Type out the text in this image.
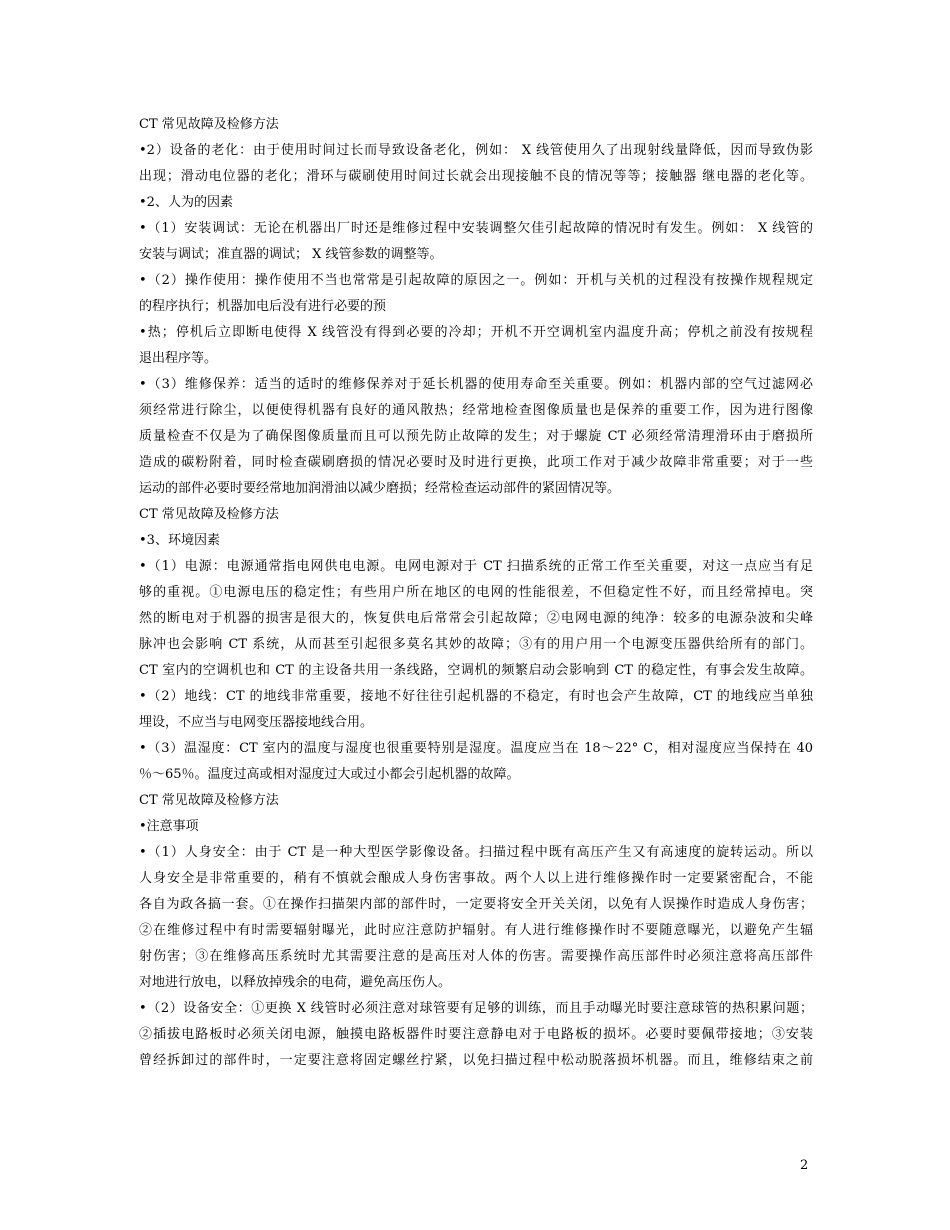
CT 常见故障及检修方法
•2）设备的老化：由于使用时间过长而导致设备老化，例如： X 线管使用久了出现射线量降低，因而导致伪影
出现；滑动电位器的老化；滑环与碳刷使用时间过长就会出现接触不良的情况等等；接触器 继电器的老化等。
•2、人为的因素
•（1）安装调试：无论在机器出厂时还是维修过程中安装调整欠佳引起故障的情况时有发生。例如： X 线管的
安装与调试；准直器的调试； X 线管参数的调整等。
•（2）操作使用：操作使用不当也常常是引起故障的原因之一。例如：开机与关机的过程没有按操作规程规定
的程序执行；机器加电后没有进行必要的预
•热；停机后立即断电使得 X 线管没有得到必要的冷却；开机不开空调机室内温度升高；停机之前没有按规程
退出程序等。
•（3）维修保养：适当的适时的维修保养对于延长机器的使用寿命至关重要。例如：机器内部的空气过滤网必
须经常进行除尘，以便使得机器有良好的通风散热；经常地检查图像质量也是保养的重要工作，因为进行图像
质量检查不仅是为了确保图像质量而且可以预先防止故障的发生；对于螺旋 CT 必须经常清理滑环由于磨损所
造成的碳粉附着，同时检查碳刷磨损的情况必要时及时进行更换，此项工作对于减少故障非常重要；对于一些
运动的部件必要时要经常地加润滑油以减少磨损；经常检查运动部件的紧固情况等。
CT 常见故障及检修方法
•3、环境因素
•（1）电源：电源通常指电网供电电源。电网电源对于 CT 扫描系统的正常工作至关重要，对这一点应当有足
够的重视。①电源电压的稳定性；有些用户所在地区的电网的性能很差，不但稳定性不好，而且经常掉电。突
然的断电对于机器的损害是很大的，恢复供电后常常会引起故障；②电网电源的纯净：较多的电源杂波和尖峰
脉冲也会影响 CT 系统，从而甚至引起很多莫名其妙的故障；③有的用户用一个电源变压器供给所有的部门。
CT 室内的空调机也和 CT 的主设备共用一条线路，空调机的频繁启动会影响到 CT 的稳定性，有事会发生故障。
•（2）地线：CT 的地线非常重要，接地不好往往引起机器的不稳定，有时也会产生故障，CT 的地线应当单独
埋设，不应当与电网变压器接地线合用。
•（3）温湿度：CT 室内的温度与湿度也很重要特别是湿度。温度应当在 18～22° C，相对湿度应当保持在 40
％～65％。温度过高或相对湿度过大或过小都会引起机器的故障。
CT 常见故障及检修方法
•注意事项
•（1）人身安全：由于 CT 是一种大型医学影像设备。扫描过程中既有高压产生又有高速度的旋转运动。所以
人身安全是非常重要的，稍有不慎就会酿成人身伤害事故。两个人以上进行维修操作时一定要紧密配合，不能
各自为政各搞一套。①在操作扫描架内部的部件时，一定要将安全开关关闭，以免有人误操作时造成人身伤害；
②在维修过程中有时需要辐射曝光，此时应注意防护辐射。有人进行维修操作时不要随意曝光，以避免产生辐
射伤害；③在维修高压系统时尤其需要注意的是高压对人体的伤害。需要操作高压部件时必须注意将高压部件
对地进行放电，以释放掉残余的电荷，避免高压伤人。
•（2）设备安全：①更换 X 线管时必须注意对球管要有足够的训练，而且手动曝光时要注意球管的热积累问题；
②插拔电路板时必须关闭电源，触摸电路板器件时要注意静电对于电路板的损坏。必要时要佩带接地；③安装
曾经拆卸过的部件时，一定要注意将固定螺丝拧紧，以免扫描过程中松动脱落损坏机器。而且，维修结束之前
2
